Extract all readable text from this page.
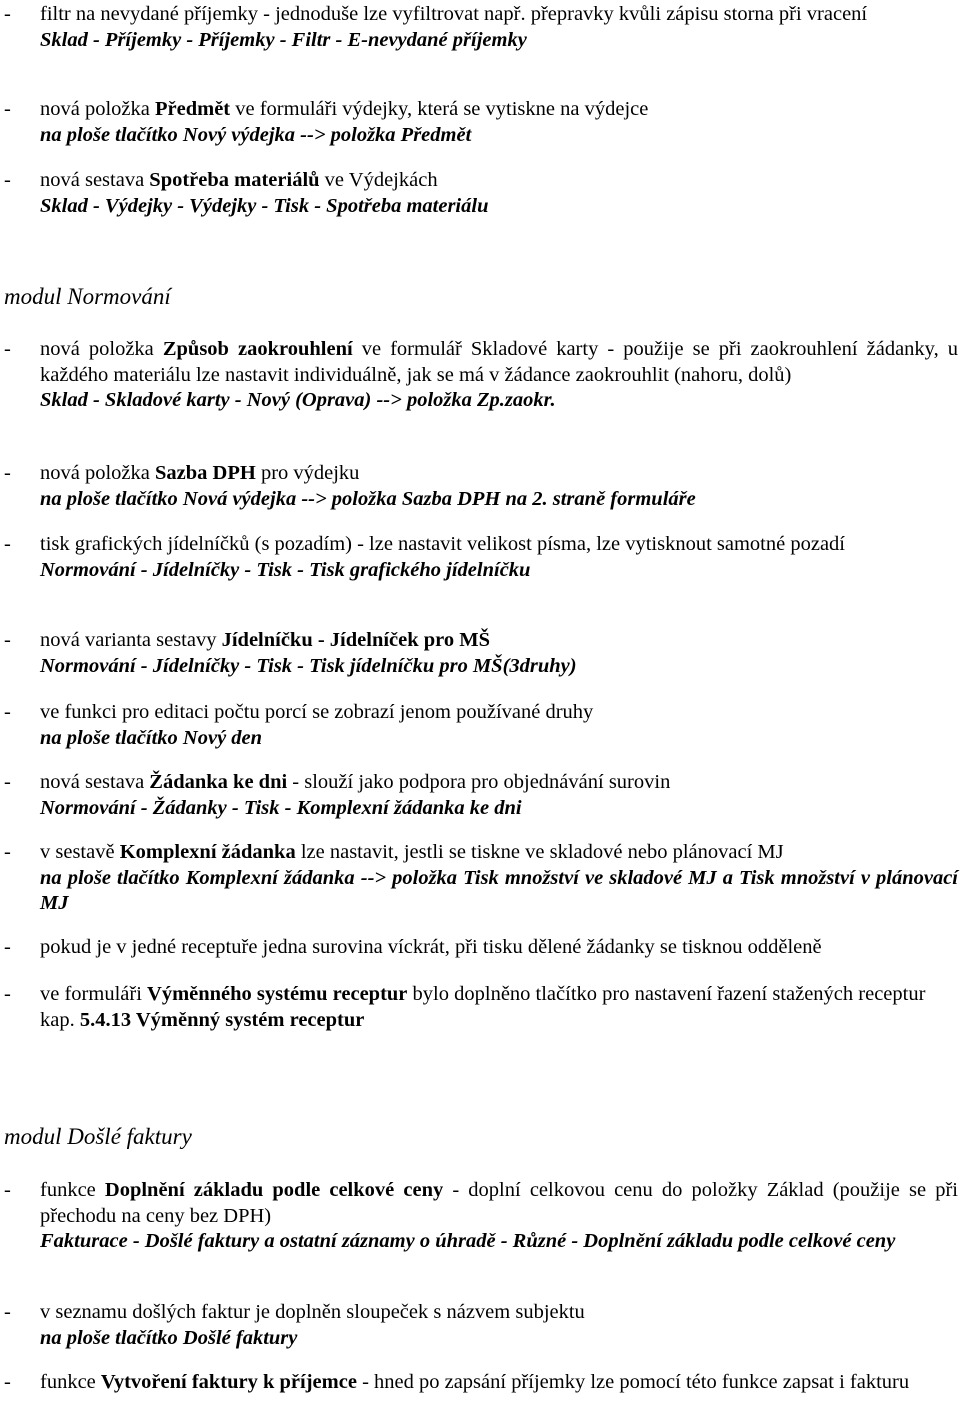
- filtr na nevydané příjemky - jednoduše lze vyfiltrovat např. přepravky kvůli zápisu storna při vracení
Sklad - Příjemky - Příjemky - Filtr - E-nevydané příjemky
- nová položka Předmět ve formuláři výdejky, která se vytiskne na výdejce
na ploše tlačítko Nový výdejka --> položka Předmět
- nová sestava Spotřeba materiálů ve Výdejkách
Sklad - Výdejky - Výdejky - Tisk - Spotřeba materiálu
modul Normování
- nová položka Způsob zaokrouhlení ve formulář Skladové karty - použije se při zaokrouhlení žádanky, u každého materiálu lze nastavit individuálně, jak se má v žádance zaokrouhlit (nahoru, dolů)
Sklad - Skladové karty - Nový (Oprava) --> položka Zp.zaokr.
- nová položka Sazba DPH pro výdejku
na ploše tlačítko Nová výdejka --> položka Sazba DPH na 2. straně formuláře
- tisk grafických jídelníčků (s pozadím) - lze nastavit velikost písma, lze vytisknout samotné pozadí
Normování - Jídelníčky - Tisk - Tisk grafického jídelníčku
- nová varianta sestavy Jídelníčku - Jídelníček pro MŠ
Normování - Jídelníčky - Tisk - Tisk jídelníčku pro MŠ(3druhy)
- ve funkci pro editaci počtu porcí se zobrazí jenom používané druhy
na ploše tlačítko Nový den
- nová sestava Žádanka ke dni - slouží jako podpora pro objednávání surovin
Normování - Žádanky - Tisk - Komplexní žádanka ke dni
- v sestavě Komplexní žádanka lze nastavit, jestli se tiskne ve skladové nebo plánovací MJ
na ploše tlačítko Komplexní žádanka --> položka Tisk množství ve skladové MJ a Tisk množství v plánovací MJ
- pokud je v jedné receptuře jedna surovina víckrát, při tisku dělené žádanky se tisknou odděleně
- ve formuláři Výměnného systému receptur bylo doplněno tlačítko pro nastavení řazení stažených receptur
kap. 5.4.13 Výměnný systém receptur
modul Došlé faktury
- funkce Doplnění základu podle celkové ceny - doplní celkovou cenu do položky Základ (použije se při přechodu na ceny bez DPH)
Fakturace - Došlé faktury a ostatní záznamy o úhradě - Různé - Doplnění základu podle celkové ceny
- v seznamu došlých faktur je doplněn sloupeček s názvem subjektu
na ploše tlačítko Došlé faktury
- funkce Vytvoření faktury k příjemce - hned po zapsání příjemky lze pomocí této funkce zapsat i fakturu
